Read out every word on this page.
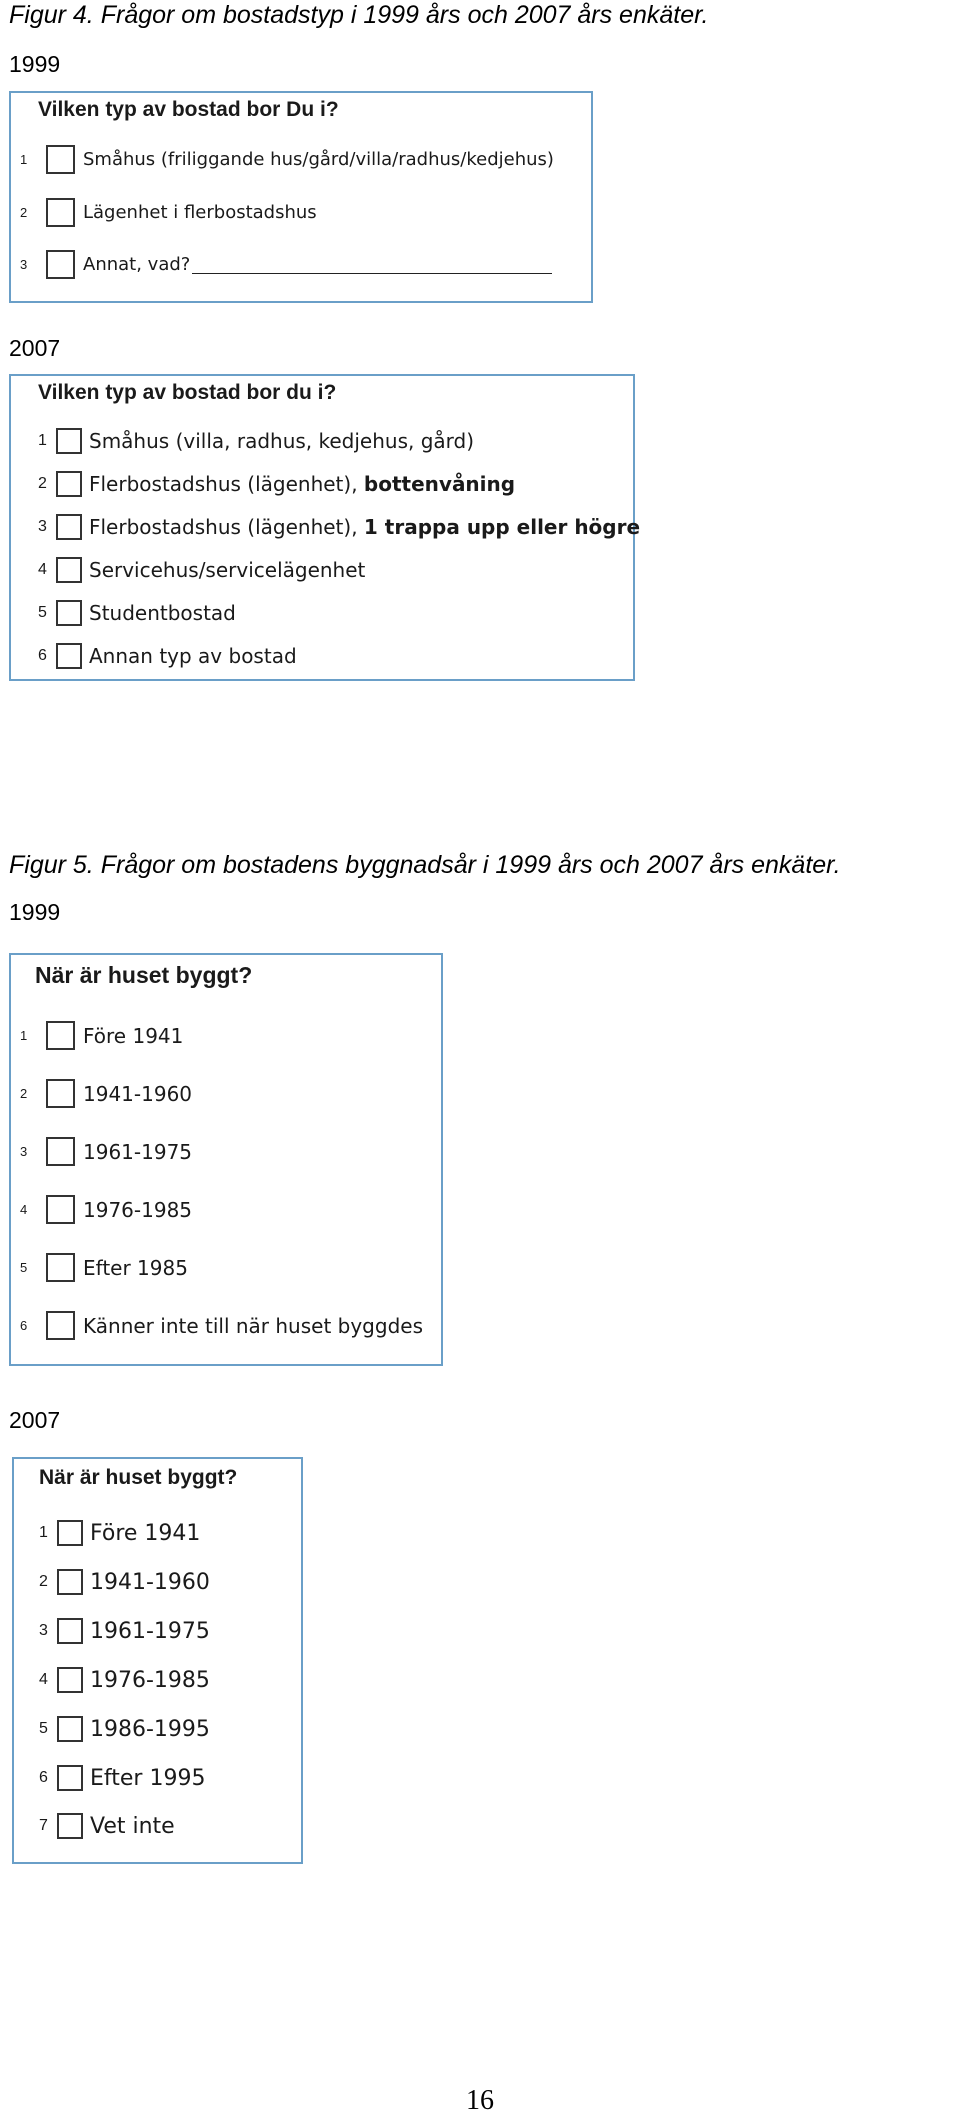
Figur 4. Frågor om bostadstyp i 1999 års och 2007 års enkäter.
1999
Vilken typ av bostad bor Du i?
1	Småhus (friliggande hus/gård/villa/radhus/kedjehus)
2	Lägenhet i flerbostadshus
3	Annat, vad?
2007
Vilken typ av bostad bor du i?
1	Småhus (villa, radhus, kedjehus, gård)
2	Flerbostadshus (lägenhet), bottenvåning
3	Flerbostadshus (lägenhet), 1 trappa upp eller högre
4	Servicehus/servicelägenhet
5	Studentbostad
6	Annan typ av bostad
Figur 5. Frågor om bostadens byggnadsår i 1999 års och 2007 års enkäter.
1999
När är huset byggt?
1	Före 1941
2	1941-1960
3	1961-1975
4	1976-1985
5	Efter 1985
6	Känner inte till när huset byggdes
2007
När är huset byggt?
1	Före 1941
2	1941-1960
3	1961-1975
4	1976-1985
5	1986-1995
6	Efter 1995
7	Vet inte
16
